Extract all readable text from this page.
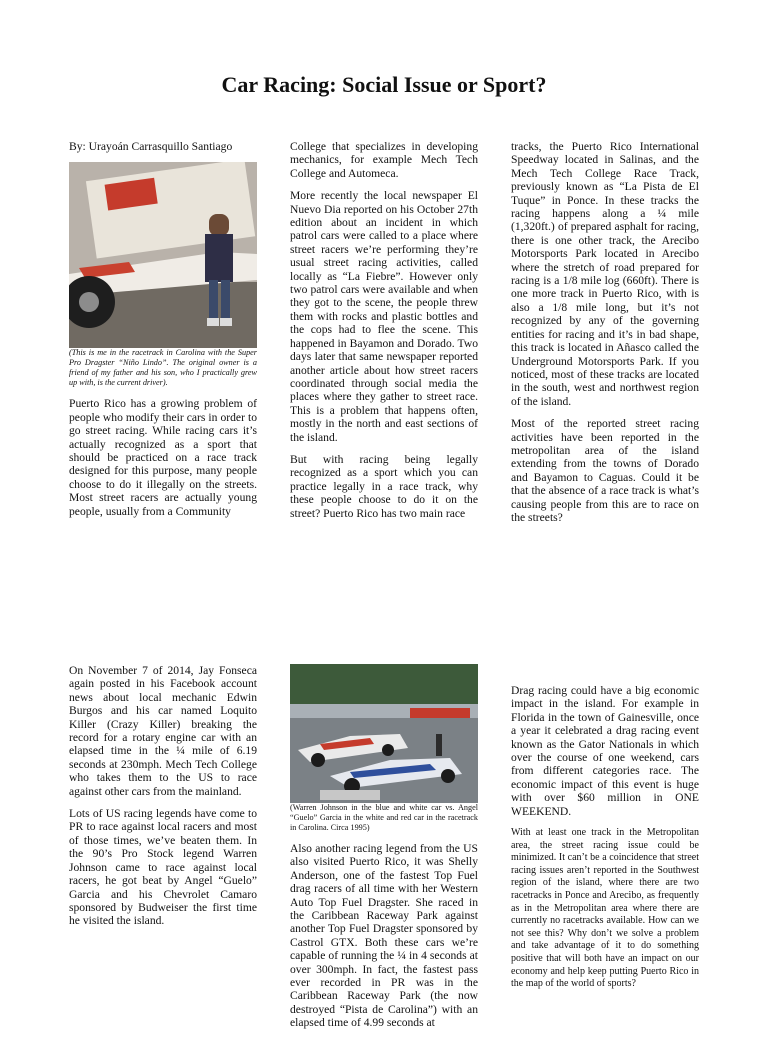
Car Racing: Social Issue or Sport?

By: Urayoán Carrasquillo Santiago

(This is me in the racetrack in Carolina with the Super Pro Dragster “Niño Lindo”. The original owner is a friend of my father and his son, who I practically grew up with, is the current driver).

Puerto Rico has a growing problem of people who modify their cars in order to go street racing. While racing cars it’s actually recognized as a sport that should be practiced on a race track designed for this purpose, many people choose to do it illegally on the streets. Most street racers are actually young people, usually from a Community

College that specializes in developing mechanics, for example Mech Tech College and Automeca.

More recently the local newspaper El Nuevo Dia reported on his October 27th edition about an incident in which patrol cars were called to a place where street racers we’re performing they’re usual street racing activities, called locally as “La Fiebre”. However only two patrol cars were available and when they got to the scene, the people threw them with rocks and plastic bottles and the cops had to flee the scene. This happened in Bayamon and Dorado. Two days later that same newspaper reported another article about how street racers coordinated through social media the places where they gather to street race. This is a problem that happens often, mostly in the north and east sections of the island.

But with racing being legally recognized as a sport which you can practice legally in a race track, why these people choose to do it on the street? Puerto Rico has two main race

tracks, the Puerto Rico International Speedway located in Salinas, and the Mech Tech College Race Track, previously known as “La Pista de El Tuque” in Ponce. In these tracks the racing happens along a ¼ mile (1,320ft.) of prepared asphalt for racing, there is one other track, the Arecibo Motorsports Park located in Arecibo where the stretch of road prepared for racing is a 1/8 mile log (660ft). There is one more track in Puerto Rico, with is also a 1/8 mile long, but it’s not recognized by any of the governing entities for racing and it’s in bad shape, this track is located in Añasco called the Underground Motorsports Park. If you noticed, most of these tracks are located in the south, west and northwest region of the island.

Most of the reported street racing activities have been reported in the metropolitan area of the island extending from the towns of Dorado and Bayamon to Caguas. Could it be that the absence of a race track is what’s causing people from this are to race on the streets?

On November 7 of 2014, Jay Fonseca again posted in his Facebook account news about local mechanic Edwin Burgos and his car named Loquito Killer (Crazy Killer) breaking the record for a rotary engine car with an elapsed time in the ¼ mile of 6.19 seconds at 230mph. Mech Tech College who takes them to the US to race against other cars from the mainland.

Lots of US racing legends have come to PR to race against local racers and most of those times, we’ve beaten them. In the 90’s Pro Stock legend Warren Johnson came to race against local racers, he got beat by Angel “Guelo” Garcia and his Chevrolet Camaro sponsored by Budweiser the first time he visited the island.

(Warren Johnson in the blue and white car vs. Angel “Guelo” Garcia in the white and red car in the racetrack in Carolina. Circa 1995)

Also another racing legend from the US also visited Puerto Rico, it was Shelly Anderson, one of the fastest Top Fuel drag racers of all time with her Western Auto Top Fuel Dragster. She raced in the Caribbean Raceway Park against another Top Fuel Dragster sponsored by Castrol GTX. Both these cars we’re capable of running the ¼ in 4 seconds at over 300mph. In fact, the fastest pass ever recorded in PR was in the Caribbean Raceway Park (the now destroyed “Pista de Carolina”) with an elapsed time of 4.99 seconds at

Drag racing could have a big economic impact in the island. For example in Florida in the town of Gainesville, once a year it celebrated a drag racing event known as the Gator Nationals in which over the course of one weekend, cars from different categories race. The economic impact of this event is huge with over $60 million in ONE WEEKEND.

With at least one track in the Metropolitan area, the street racing issue could be minimized. It can’t be a coincidence that street racing issues aren’t reported in the Southwest region of the island, where there are two racetracks in Ponce and Arecibo, as frequently as in the Metropolitan area where there are currently no racetracks available. How can we not see this? Why don’t we solve a problem and take advantage of it to do something positive that will both have an impact on our economy and help keep putting Puerto Rico in the map of the world of sports?
